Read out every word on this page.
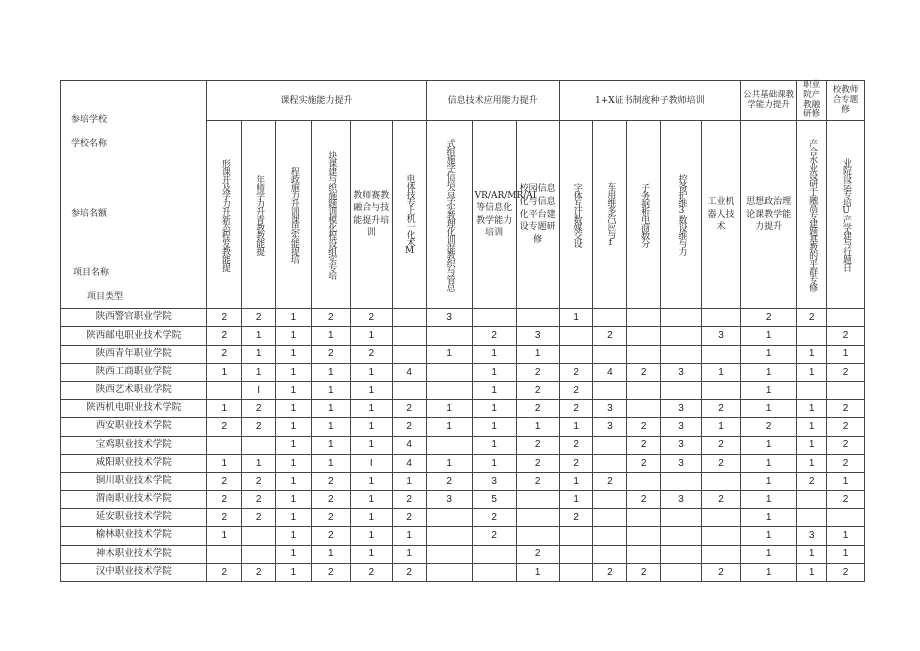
参培学校
学校名称
参培名额
项目名称
项目类型	课程实施能力提升						信息技术应用能力提升			1+X证书制度种子教师培训					公共基础课教学能力提升	职业院产教融研修	校教师合专题修

	形课开及学力升新态程发教能提	年师学力升青教教能提	程政施力升训课思实能提培	块课建与织施题训模化程设组实专培	教师赛教融合与技能提升培训	电体技专上机一化术M	式组施学信培合学实教理化训混教织与管总	VR/AR/MR/AI等信息化教学能力培训	校园信息化与信息化平台建设专题研修	字体互计数媒交设	车用维多汽应与f	子务据析电商数分	控备护维3数设维与力	工业机器人技术	思想政治理论课教学能力提升	产合水业设研于融高专建题基教的平群专修	业院设运专培U产学建与行题日

陕西警官职业学院	2	2	1	2	2		3			1					2	2	
陕西邮电职业技术学院	2	1	1	1	1			2	3		2			3	1		2
陕西青年职业学院	2	1	1	2	2		1	1	1						1	1	1
陕西工商职业学院	1	1	1	1	1	4		1	2	2	4	2	3	1	1	1	2
陕西艺术职业学院		I	1	1	1			1	2	2					1		
陕西机电职业技术学院	1	2	1	1	1	2	1	1	2	2	3		3	2	1	1	2
西安职业技术学院	2	2	1	1	1	2	1	1	1	1	3	2	3	1	2	1	2
宝鸡职业技术学院			1	1	1	4		1	2	2		2	3	2	1	1	2
咸阳职业技术学院	1	1	1	1	I	4	1	1	2	2		2	3	2	1	1	2
铜川职业技术学院	2	2	1	2	1	1	2	3	2	1	2				1	2	1
渭南职业技术学院	2	2	1	2	1	2	3	5		1		2	3	2	1		2
延安职业技术学院	2	2	1	2	1	2		2		2					1		
榆林职业技术学院	1		1	2	1	1		2							1	3	1
神木职业技术学院			1	1	1	1			2						1	1	1
汉中职业技术学院	2	2	1	2	2	2			1		2	2		2	1	1	2
